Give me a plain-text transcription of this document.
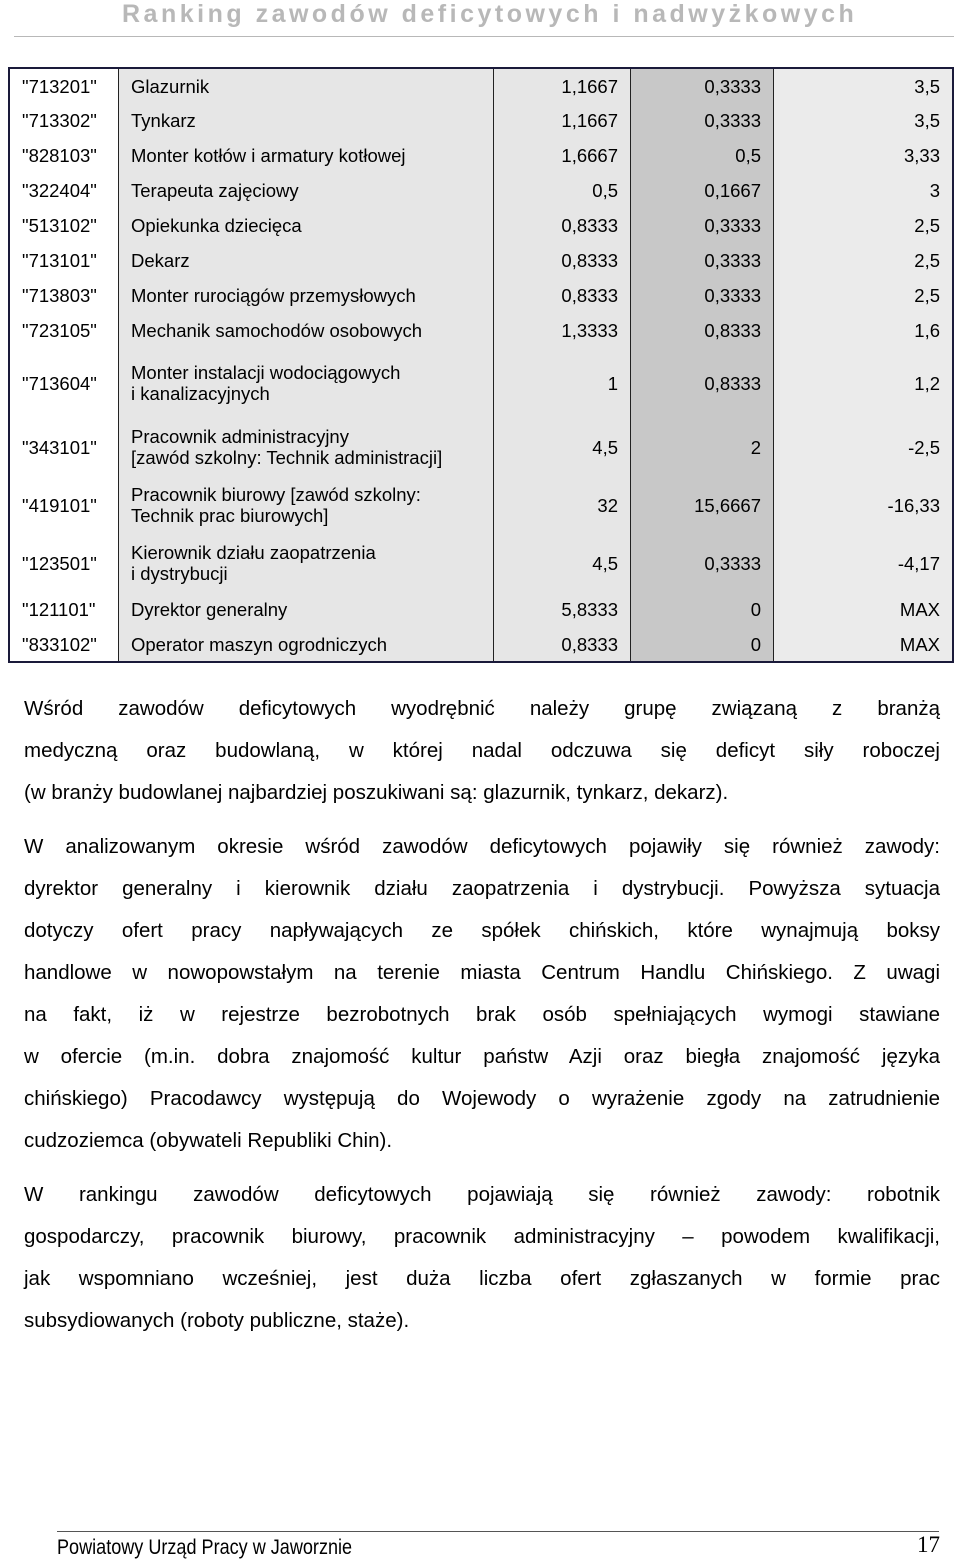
Ranking zawodów deficytowych i nadwyżkowych
"713201"	Glazurnik	1,1667	0,3333	3,5
"713302"	Tynkarz	1,1667	0,3333	3,5
"828103"	Monter kotłów i armatury kotłowej	1,6667	0,5	3,33
"322404"	Terapeuta zajęciowy	0,5	0,1667	3
"513102"	Opiekunka dziecięca	0,8333	0,3333	2,5
"713101"	Dekarz	0,8333	0,3333	2,5
"713803"	Monter rurociągów przemysłowych	0,8333	0,3333	2,5
"723105"	Mechanik samochodów osobowych	1,3333	0,8333	1,6
"713604"	Monter instalacji wodociągowych
i kanalizacyjnych	1	0,8333	1,2
"343101"	Pracownik administracyjny
[zawód szkolny: Technik administracji]	4,5	2	-2,5
"419101"	Pracownik biurowy [zawód szkolny:
Technik prac biurowych]	32	15,6667	-16,33
"123501"	Kierownik działu zaopatrzenia
i dystrybucji	4,5	0,3333	-4,17
"121101"	Dyrektor generalny	5,8333	0	MAX
"833102"	Operator maszyn ogrodniczych	0,8333	0	MAX
Wśród zawodów deficytowych wyodrębnić należy grupę związaną z branżą
medyczną oraz budowlaną, w której nadal odczuwa się deficyt siły roboczej
(w branży budowlanej najbardziej poszukiwani są: glazurnik, tynkarz, dekarz).
W analizowanym okresie wśród zawodów deficytowych pojawiły się również zawody:
dyrektor generalny i kierownik działu zaopatrzenia i dystrybucji. Powyższa sytuacja
dotyczy ofert pracy napływających ze spółek chińskich, które wynajmują boksy
handlowe w nowopowstałym na terenie miasta Centrum Handlu Chińskiego. Z uwagi
na fakt, iż w rejestrze bezrobotnych brak osób spełniających wymogi stawiane
w ofercie (m.in. dobra znajomość kultur państw Azji oraz biegła znajomość języka
chińskiego) Pracodawcy występują do Wojewody o wyrażenie zgody na zatrudnienie
cudzoziemca (obywateli Republiki Chin).
W rankingu zawodów deficytowych pojawiają się również zawody: robotnik
gospodarczy, pracownik biurowy, pracownik administracyjny – powodem kwalifikacji,
jak wspomniano wcześniej, jest duża liczba ofert zgłaszanych w formie prac
subsydiowanych (roboty publiczne, staże).
Powiatowy Urząd Pracy w Jaworznie	17
